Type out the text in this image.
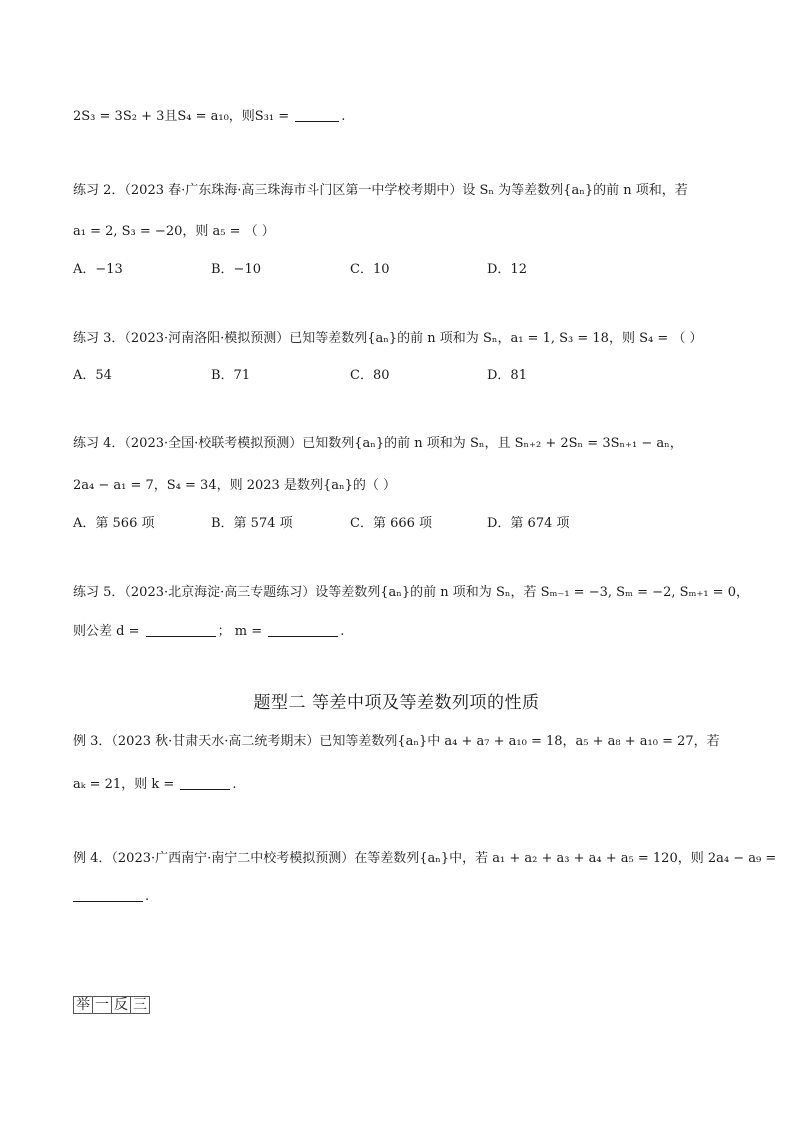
2S₃ = 3S₂ + 3且S₄ = a₁₀，则S₃₁ =	.
练习 2．（2023 春·广东珠海·高三珠海市斗门区第一中学校考期中）设 Sₙ 为等差数列{aₙ}的前 n 项和，若
a₁ = 2, S₃ = −20，则 a₅ = （ ）
A．−13	B．−10	C．10	D．12
练习 3．（2023·河南洛阳·模拟预测）已知等差数列{aₙ}的前 n 项和为 Sₙ，a₁ = 1, S₃ = 18，则 S₄ = （ ）
A．54	B．71	C．80	D．81
练习 4．（2023·全国·校联考模拟预测）已知数列{aₙ}的前 n 项和为 Sₙ，且 Sₙ₊₂ + 2Sₙ = 3Sₙ₊₁ − aₙ，
2a₄ − a₁ = 7，S₄ = 34，则 2023 是数列{aₙ}的（ ）
A．第 566 项	B．第 574 项	C．第 666 项	D．第 674 项
练习 5．（2023·北京海淀·高三专题练习）设等差数列{aₙ}的前 n 项和为 Sₙ，若 Sₘ₋₁ = −3, Sₘ = −2, Sₘ₊₁ = 0，
则公差 d =	； m =	.
题型二 等差中项及等差数列项的性质
例 3．（2023 秋·甘肃天水·高二统考期末）已知等差数列{aₙ}中 a₄ + a₇ + a₁₀ = 18，a₅ + a₈ + a₁₀ = 27，若
aₖ = 21，则 k =	.
例 4．（2023·广西南宁·南宁二中校考模拟预测）在等差数列{aₙ}中，若 a₁ + a₂ + a₃ + a₄ + a₅ = 120，则 2a₄ − a₉ =
.
举 一 反 三
